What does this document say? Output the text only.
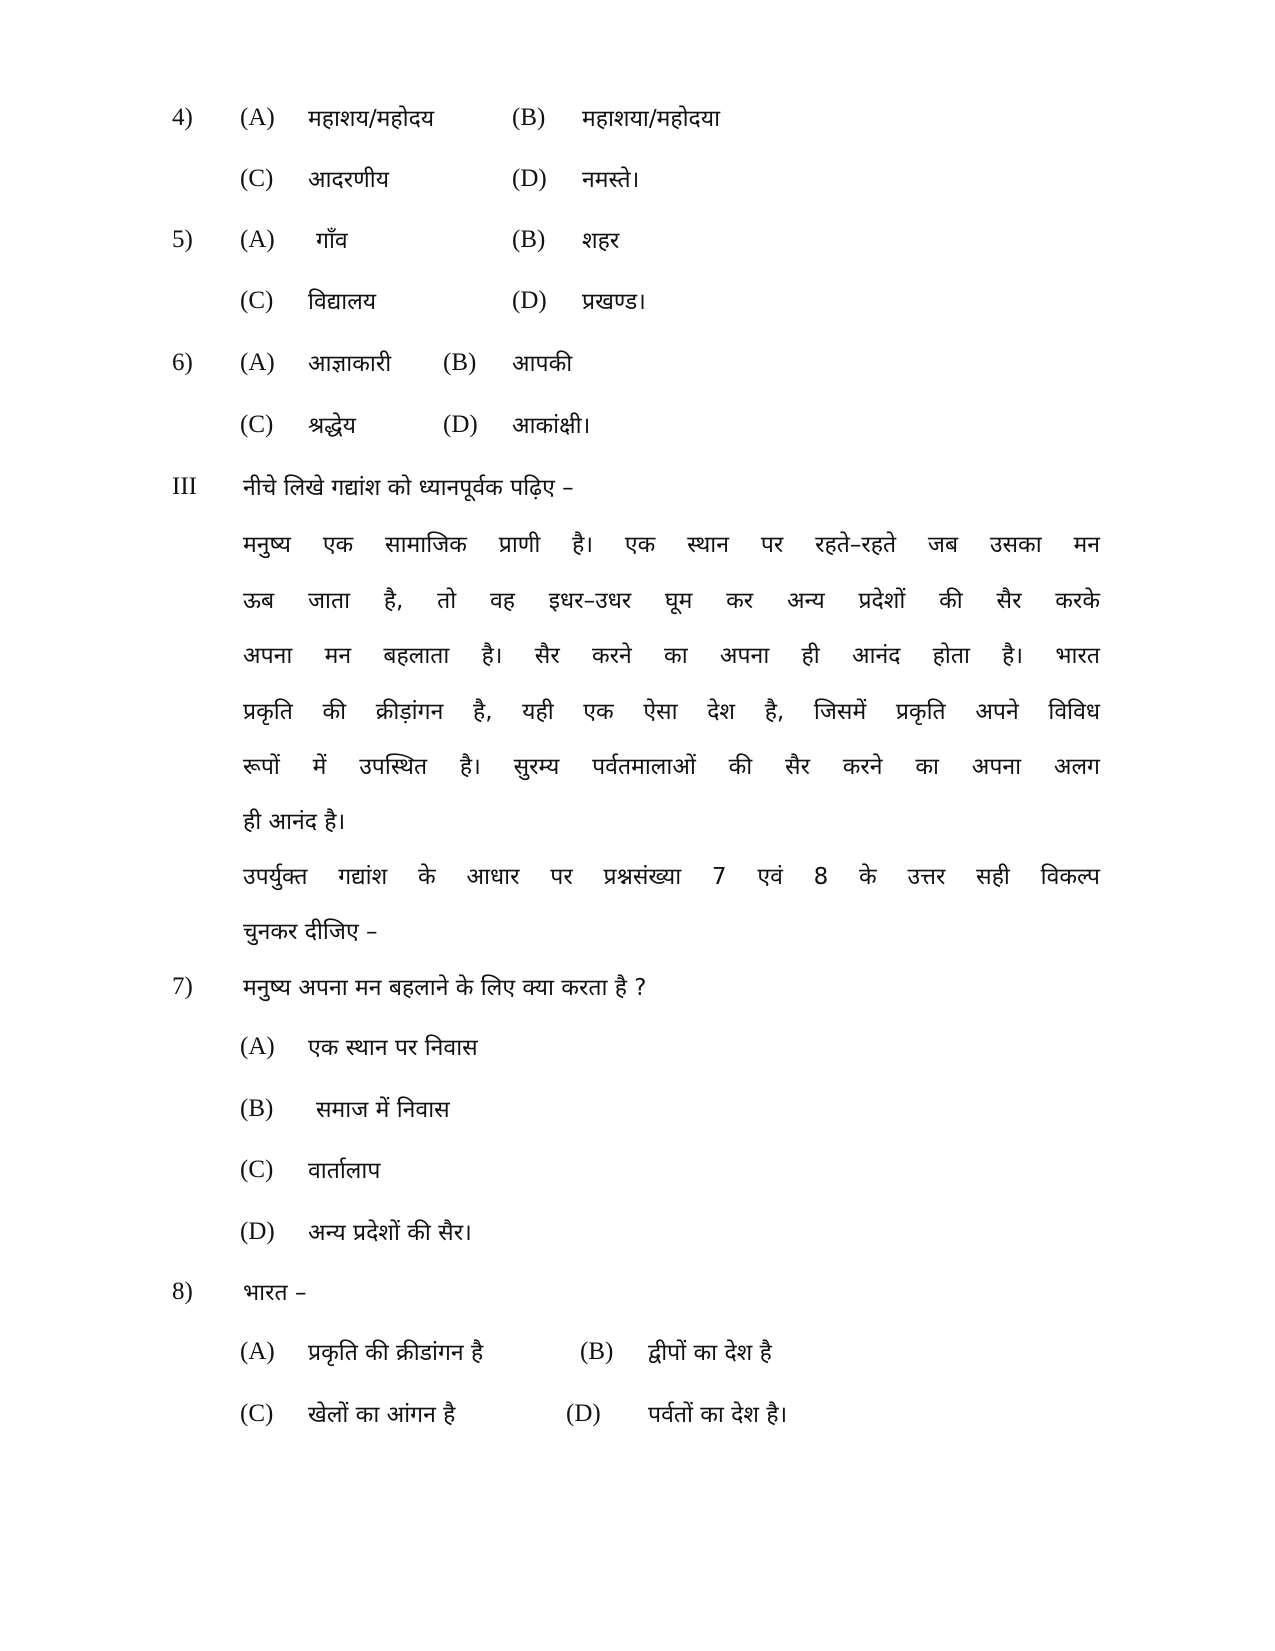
4) (A) महाशय/महोदय	(B) महाशया/महोदया
(C) आदरणीय	(D) नमस्ते।
5) (A) गाँव	(B) शहर
(C) विद्यालय	(D) प्रखण्ड।
6) (A) आज्ञाकारी (B) आपकी
(C) श्रद्धेय	(D) आकांक्षी।
III नीचे लिखे गद्यांश को ध्यानपूर्वक पढ़िए –
मनुष्य एक सामाजिक प्राणी है। एक स्थान पर रहते–रहते जब उसका मन
ऊब जाता है, तो वह इधर–उधर घूम कर अन्य प्रदेशों की सैर करके
अपना मन बहलाता है। सैर करने का अपना ही आनंद होता है। भारत
प्रकृति की क्रीड़ांगन है, यही एक ऐसा देश है, जिसमें प्रकृति अपने विविध
रूपों में उपस्थित है। सुरम्य पर्वतमालाओं की सैर करने का अपना अलग
ही आनंद है।
उपर्युक्त गद्यांश के आधार पर प्रश्नसंख्या 7 एवं 8 के उत्तर सही विकल्प
चुनकर दीजिए –
7) मनुष्य अपना मन बहलाने के लिए क्या करता है ?
(A) एक स्थान पर निवास
(B) समाज में निवास
(C) वार्तालाप
(D) अन्य प्रदेशों की सैर।
8) भारत –
(A) प्रकृति की क्रीडांगन है	(B) द्वीपों का देश है
(C) खेलों का आंगन है	(D) पर्वतों का देश है।
